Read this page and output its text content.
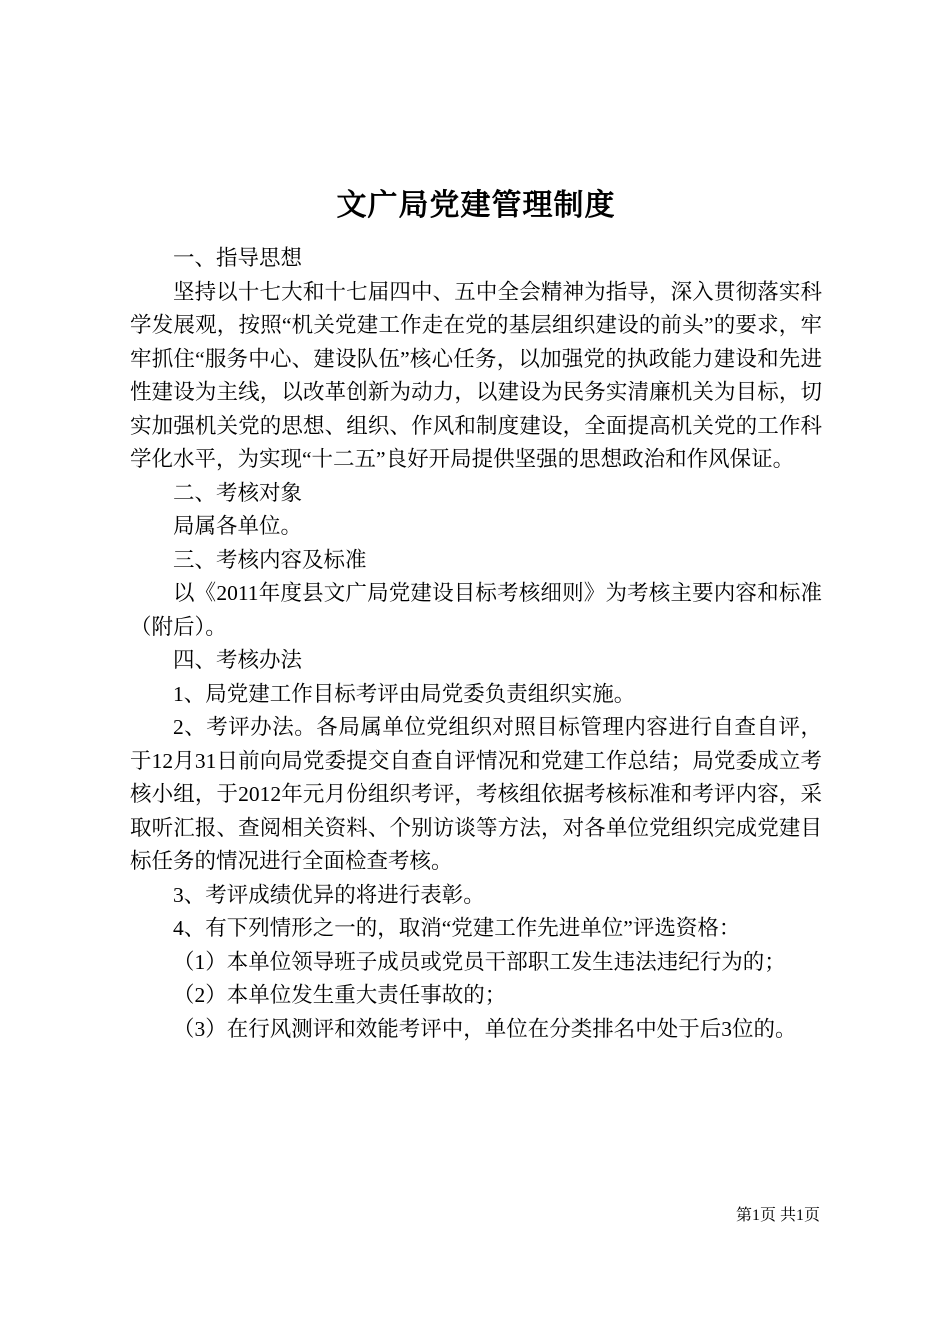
文广局党建管理制度

一、指导思想

坚持以十七大和十七届四中、五中全会精神为指导，深入贯彻落实科学发展观，按照“机关党建工作走在党的基层组织建设的前头”的要求，牢牢抓住“服务中心、建设队伍”核心任务，以加强党的执政能力建设和先进性建设为主线，以改革创新为动力，以建设为民务实清廉机关为目标，切实加强机关党的思想、组织、作风和制度建设，全面提高机关党的工作科学化水平，为实现“十二五”良好开局提供坚强的思想政治和作风保证。

二、考核对象

局属各单位。

三、考核内容及标准

以《2011年度县文广局党建设目标考核细则》为考核主要内容和标准（附后）。

四、考核办法

1、局党建工作目标考评由局党委负责组织实施。

2、考评办法。各局属单位党组织对照目标管理内容进行自查自评，于12月31日前向局党委提交自查自评情况和党建工作总结；局党委成立考核小组，于2012年元月份组织考评，考核组依据考核标准和考评内容，采取听汇报、查阅相关资料、个别访谈等方法，对各单位党组织完成党建目标任务的情况进行全面检查考核。

3、考评成绩优异的将进行表彰。

4、有下列情形之一的，取消“党建工作先进单位”评选资格：

（1）本单位领导班子成员或党员干部职工发生违法违纪行为的；

（2）本单位发生重大责任事故的；

（3）在行风测评和效能考评中，单位在分类排名中处于后3位的。

第1页 共1页
